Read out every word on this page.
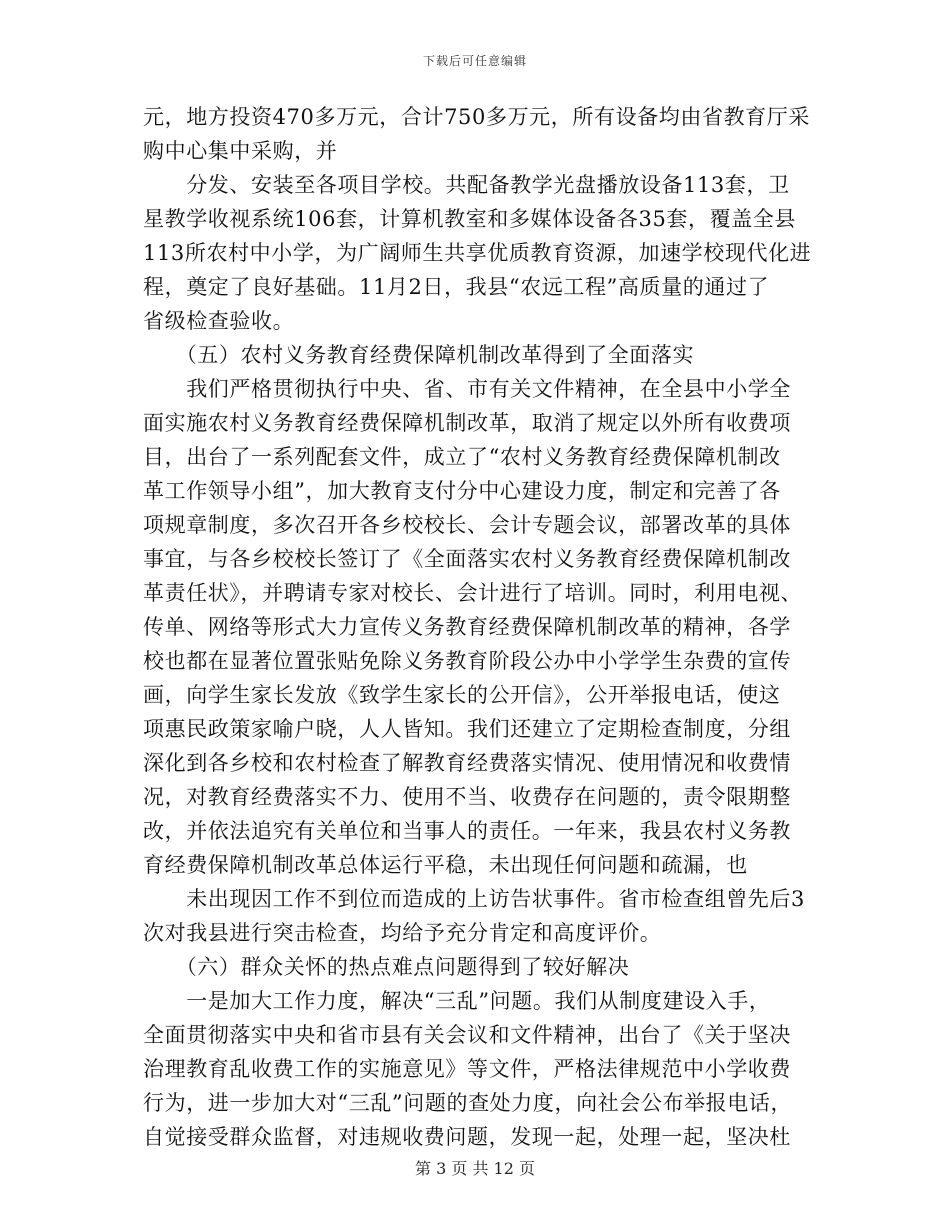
下载后可任意编辑
元，地方投资470多万元，合计750多万元，所有设备均由省教育厅采
购中心集中采购，并
　　分发、安装至各项目学校。共配备教学光盘播放设备113套，卫
星教学收视系统106套，计算机教室和多媒体设备各35套，覆盖全县
113所农村中小学，为广阔师生共享优质教育资源，加速学校现代化进
程，奠定了良好基础。11月2日，我县“农远工程”高质量的通过了
省级检查验收。
　　（五）农村义务教育经费保障机制改革得到了全面落实
　　我们严格贯彻执行中央、省、市有关文件精神，在全县中小学全
面实施农村义务教育经费保障机制改革，取消了规定以外所有收费项
目，出台了一系列配套文件，成立了“农村义务教育经费保障机制改
革工作领导小组”，加大教育支付分中心建设力度，制定和完善了各
项规章制度，多次召开各乡校校长、会计专题会议，部署改革的具体
事宜，与各乡校校长签订了《全面落实农村义务教育经费保障机制改
革责任状》，并聘请专家对校长、会计进行了培训。同时，利用电视、
传单、网络等形式大力宣传义务教育经费保障机制改革的精神，各学
校也都在显著位置张贴免除义务教育阶段公办中小学学生杂费的宣传
画，向学生家长发放《致学生家长的公开信》，公开举报电话，使这
项惠民政策家喻户晓，人人皆知。我们还建立了定期检查制度，分组
深化到各乡校和农村检查了解教育经费落实情况、使用情况和收费情
况，对教育经费落实不力、使用不当、收费存在问题的，责令限期整
改，并依法追究有关单位和当事人的责任。一年来，我县农村义务教
育经费保障机制改革总体运行平稳，未出现任何问题和疏漏，也
　　未出现因工作不到位而造成的上访告状事件。省市检查组曾先后3
次对我县进行突击检查，均给予充分肯定和高度评价。
　　（六）群众关怀的热点难点问题得到了较好解决
　　一是加大工作力度，解决“三乱”问题。我们从制度建设入手，
全面贯彻落实中央和省市县有关会议和文件精神，出台了《关于坚决
治理教育乱收费工作的实施意见》等文件，严格法律规范中小学收费
行为，进一步加大对“三乱”问题的查处力度，向社会公布举报电话，
自觉接受群众监督，对违规收费问题，发现一起，处理一起，坚决杜
第 3 页 共 12 页
